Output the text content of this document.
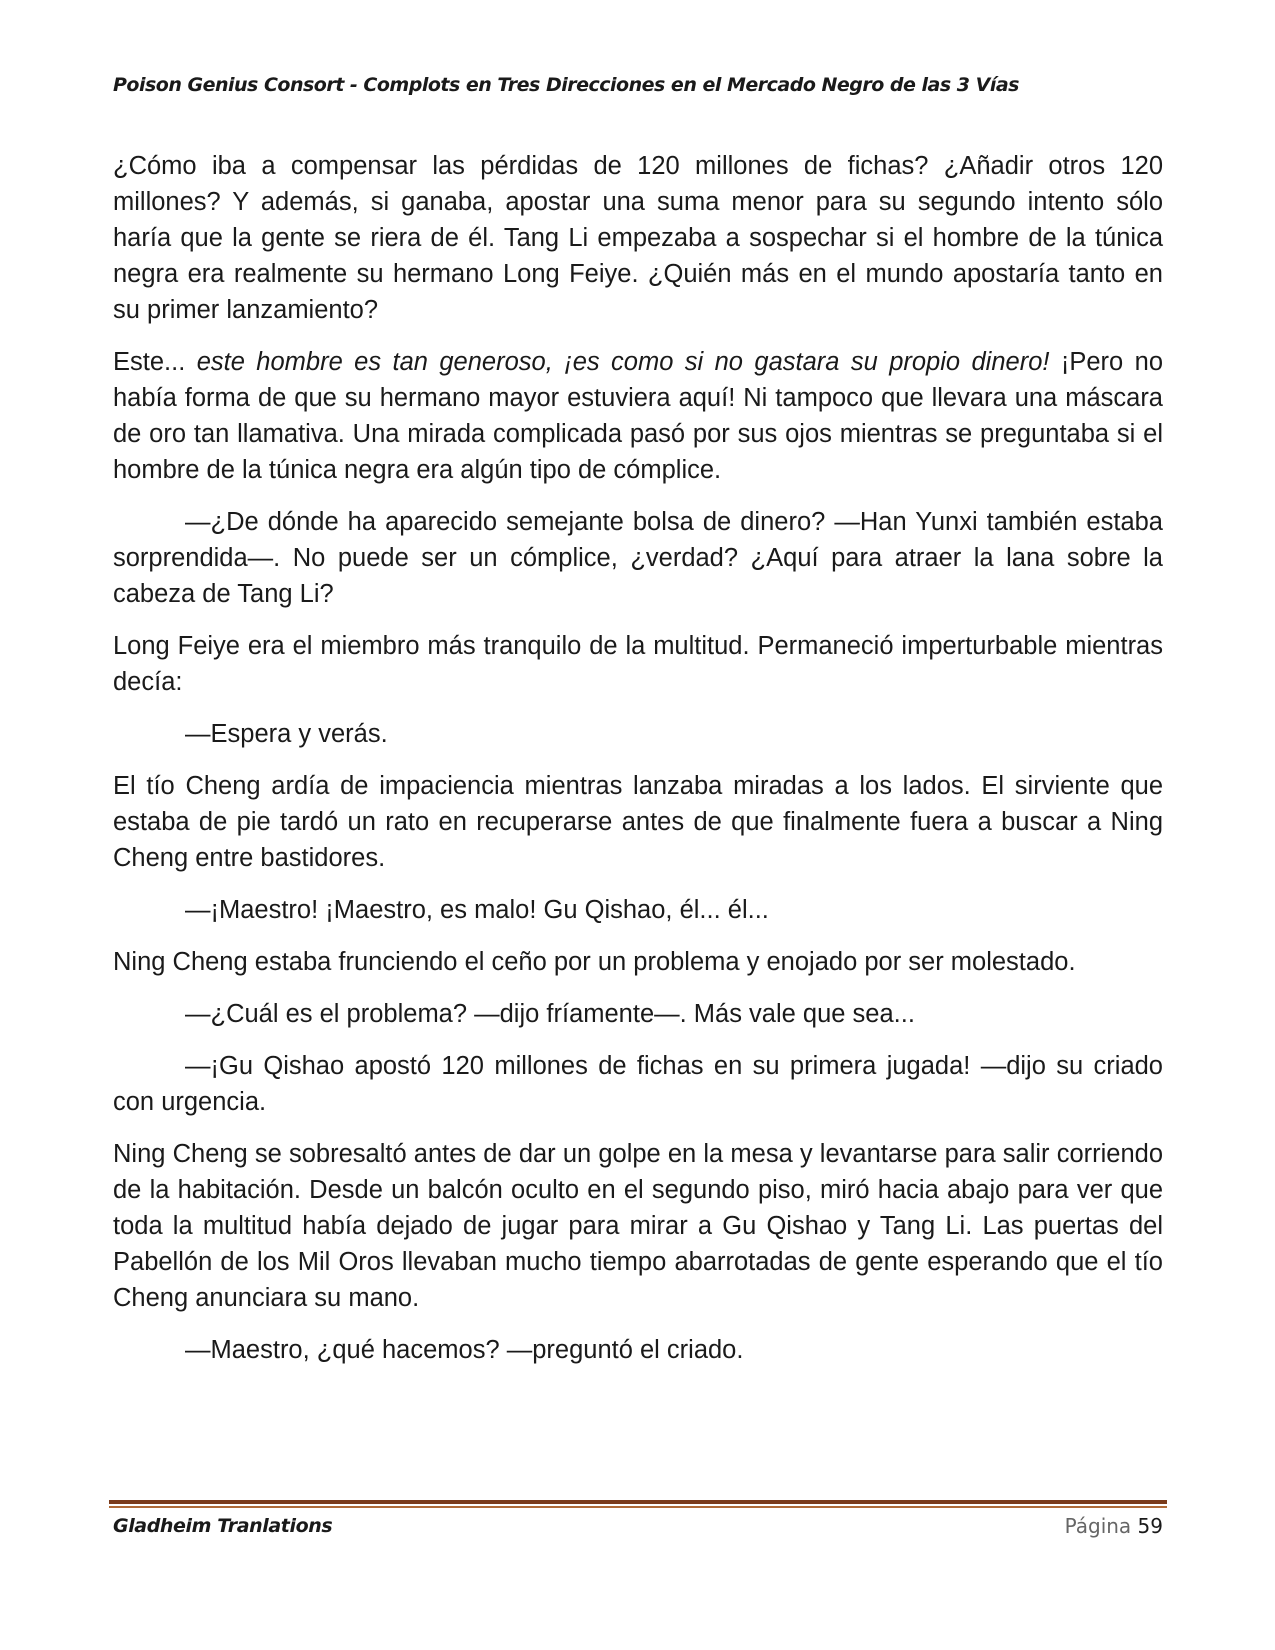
Poison Genius Consort - Complots en Tres Direcciones en el Mercado Negro de las 3 Vías

¿Cómo iba a compensar las pérdidas de 120 millones de fichas? ¿Añadir otros 120 millones? Y además, si ganaba, apostar una suma menor para su segundo intento sólo haría que la gente se riera de él. Tang Li empezaba a sospechar si el hombre de la túnica negra era realmente su hermano Long Feiye. ¿Quién más en el mundo apostaría tanto en su primer lanzamiento?

Este... este hombre es tan generoso, ¡es como si no gastara su propio dinero! ¡Pero no había forma de que su hermano mayor estuviera aquí! Ni tampoco que llevara una máscara de oro tan llamativa. Una mirada complicada pasó por sus ojos mientras se preguntaba si el hombre de la túnica negra era algún tipo de cómplice.

—¿De dónde ha aparecido semejante bolsa de dinero? —Han Yunxi también estaba sorprendida—. No puede ser un cómplice, ¿verdad? ¿Aquí para atraer la lana sobre la cabeza de Tang Li?

Long Feiye era el miembro más tranquilo de la multitud. Permaneció imperturbable mientras decía:

—Espera y verás.

El tío Cheng ardía de impaciencia mientras lanzaba miradas a los lados. El sirviente que estaba de pie tardó un rato en recuperarse antes de que finalmente fuera a buscar a Ning Cheng entre bastidores.

—¡Maestro! ¡Maestro, es malo! Gu Qishao, él... él...

Ning Cheng estaba frunciendo el ceño por un problema y enojado por ser molestado.

—¿Cuál es el problema? —dijo fríamente—. Más vale que sea...

—¡Gu Qishao apostó 120 millones de fichas en su primera jugada! —dijo su criado con urgencia.

Ning Cheng se sobresaltó antes de dar un golpe en la mesa y levantarse para salir corriendo de la habitación. Desde un balcón oculto en el segundo piso, miró hacia abajo para ver que toda la multitud había dejado de jugar para mirar a Gu Qishao y Tang Li. Las puertas del Pabellón de los Mil Oros llevaban mucho tiempo abarrotadas de gente esperando que el tío Cheng anunciara su mano.

—Maestro, ¿qué hacemos? —preguntó el criado.

Gladheim Tranlations	Página 59
